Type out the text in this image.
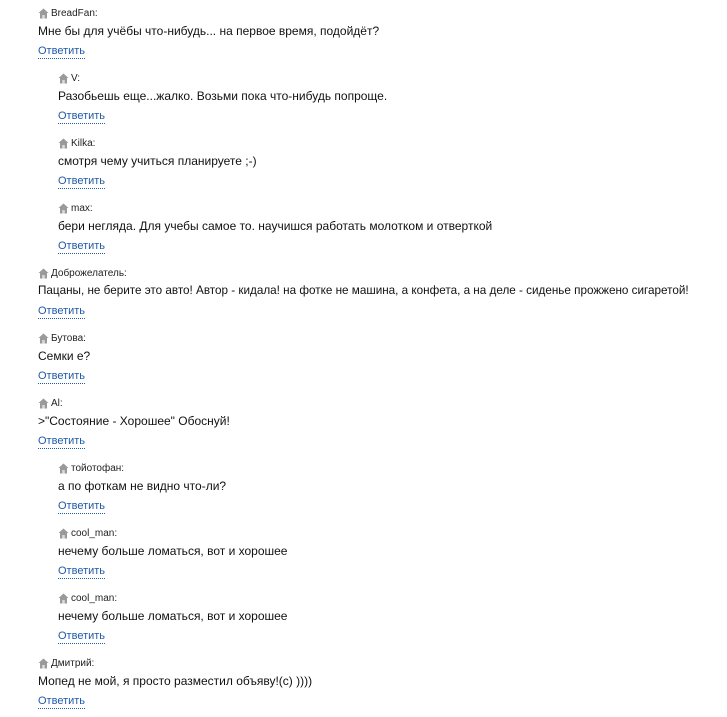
BreadFan:
Мне бы для учёбы что-нибудь... на первое время, подойдёт?
Ответить
V:
Разобьешь еще...жалко. Возьми пока что-нибудь попроще.
Ответить
Kilka:
смотря чему учиться планируете ;-)
Ответить
max:
бери негляда. Для учебы самое то. научишся работать молотком и отверткой
Ответить
Доброжелатель:
Пацаны, не берите это авто! Автор - кидала! на фотке не машина, а конфета, а на деле - сиденье прожжено сигаретой!
Ответить
Бутова:
Семки е?
Ответить
Al:
>"Состояние - Хорошее" Обоснуй!
Ответить
тойотофан:
а по фоткам не видно что-ли?
Ответить
cool_man:
нечему больше ломаться, вот и хорошее
Ответить
cool_man:
нечему больше ломаться, вот и хорошее
Ответить
Дмитрий:
Мопед не мой, я просто разместил объяву!(с) ))))
Ответить
